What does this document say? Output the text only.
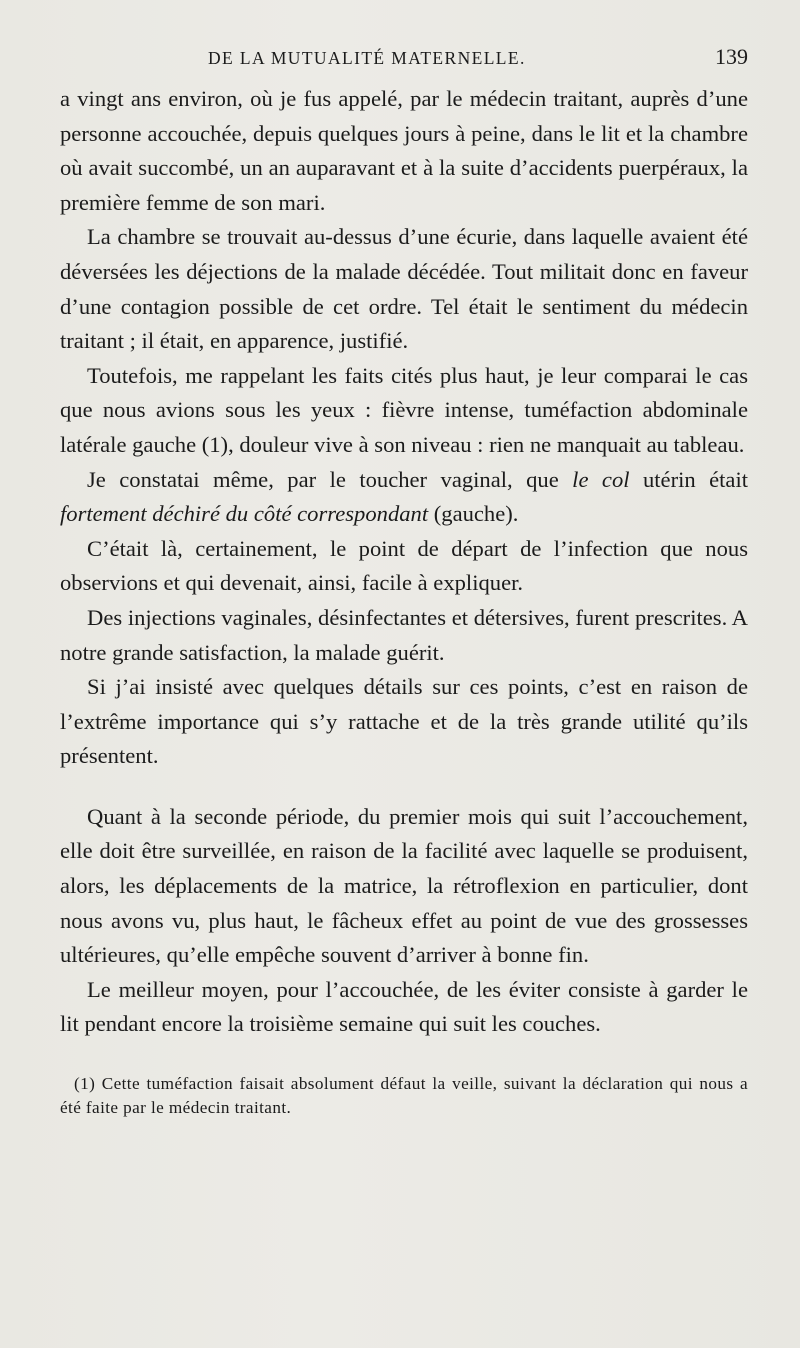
DE LA MUTUALITÉ MATERNELLE.	139

a vingt ans environ, où je fus appelé, par le médecin traitant, auprès d’une personne accouchée, depuis quelques jours à peine, dans le lit et la chambre où avait succombé, un an auparavant et à la suite d’accidents puerpéraux, la première femme de son mari.

La chambre se trouvait au-dessus d’une écurie, dans laquelle avaient été déversées les déjections de la malade décédée. Tout militait donc en faveur d’une contagion possible de cet ordre. Tel était le sentiment du médecin traitant ; il était, en apparence, justifié.

Toutefois, me rappelant les faits cités plus haut, je leur comparai le cas que nous avions sous les yeux : fièvre intense, tuméfaction abdominale latérale gauche (1), douleur vive à son niveau : rien ne manquait au tableau.

Je constatai même, par le toucher vaginal, que le col utérin était fortement déchiré du côté correspondant (gauche).

C’était là, certainement, le point de départ de l’infection que nous observions et qui devenait, ainsi, facile à expliquer.

Des injections vaginales, désinfectantes et détersives, furent prescrites. A notre grande satisfaction, la malade guérit.

Si j’ai insisté avec quelques détails sur ces points, c’est en raison de l’extrême importance qui s’y rattache et de la très grande utilité qu’ils présentent.

Quant à la seconde période, du premier mois qui suit l’accouchement, elle doit être surveillée, en raison de la facilité avec laquelle se produisent, alors, les déplacements de la matrice, la rétroflexion en particulier, dont nous avons vu, plus haut, le fâcheux effet au point de vue des grossesses ultérieures, qu’elle empêche souvent d’arriver à bonne fin.

Le meilleur moyen, pour l’accouchée, de les éviter consiste à garder le lit pendant encore la troisième semaine qui suit les couches.

(1) Cette tuméfaction faisait absolument défaut la veille, suivant la déclaration qui nous a été faite par le médecin traitant.
